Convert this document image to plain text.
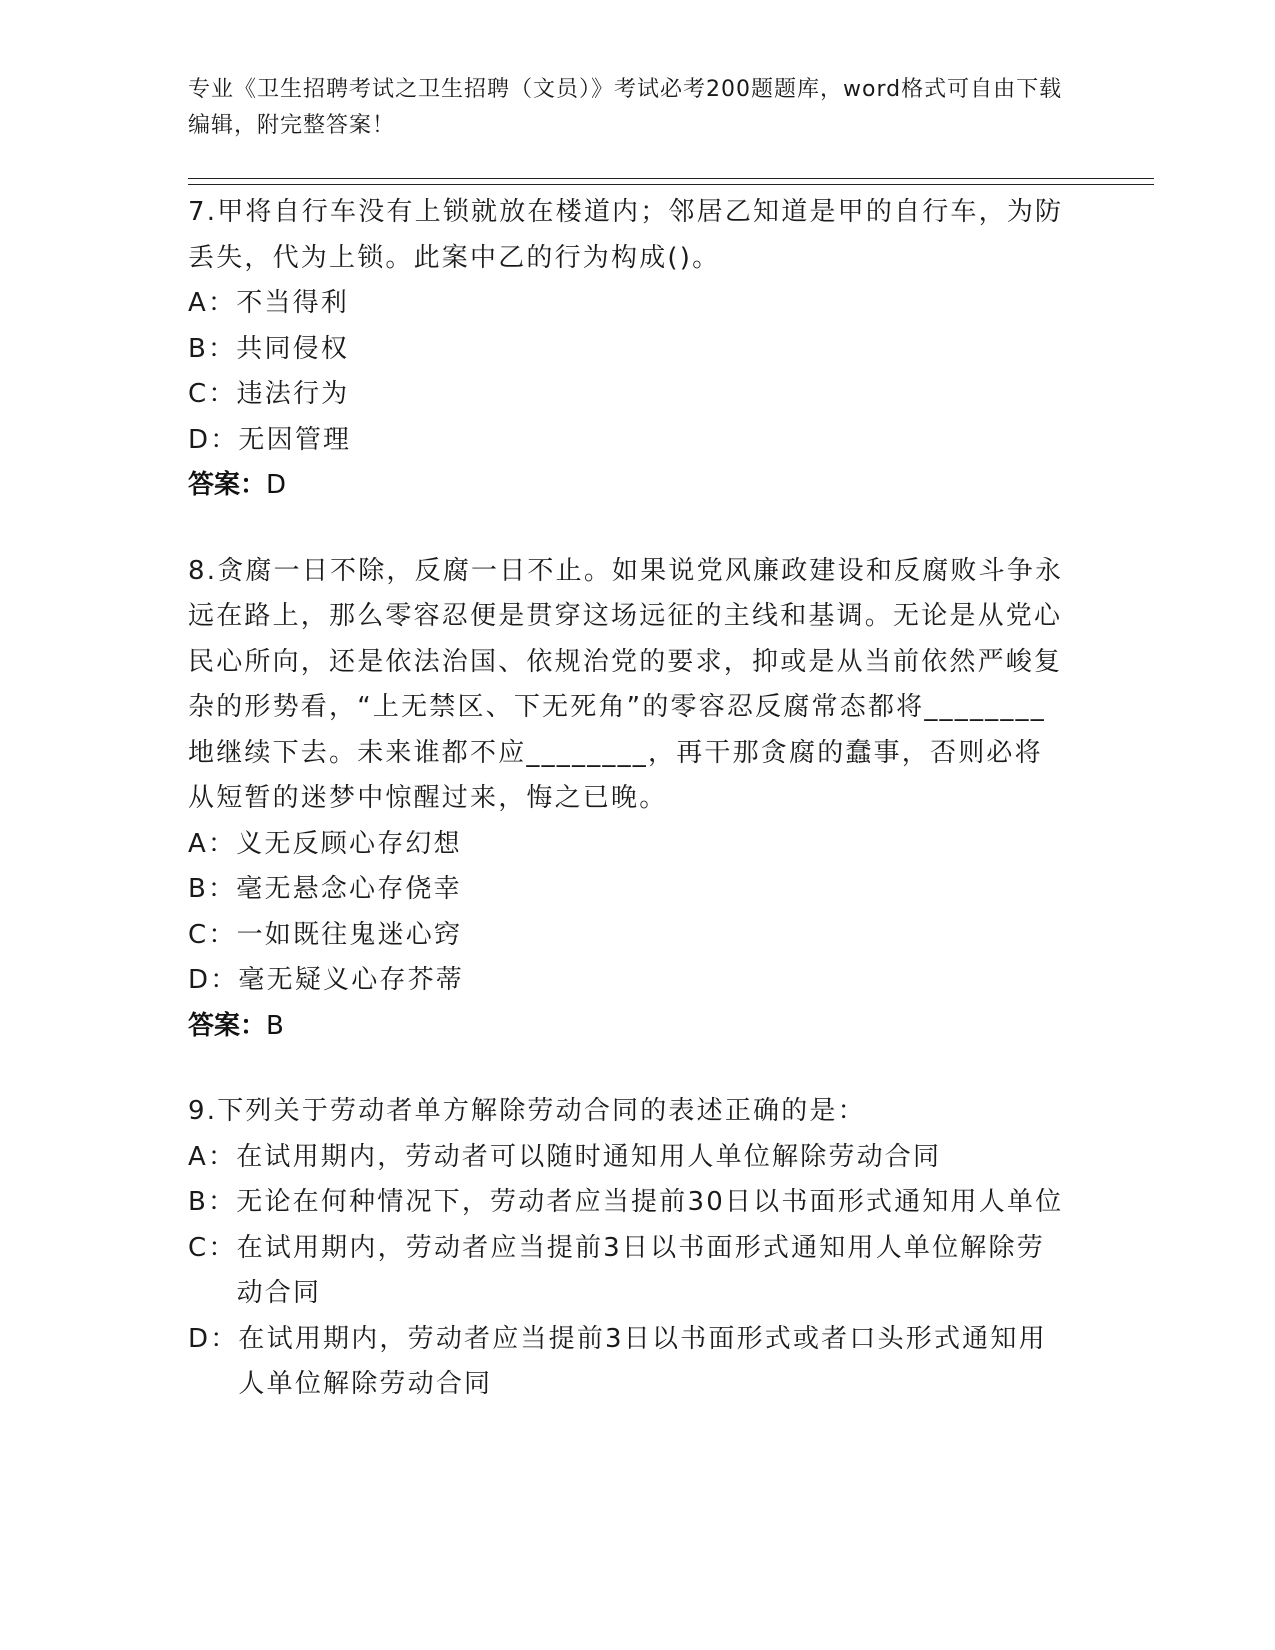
专业《卫生招聘考试之卫生招聘（文员）》考试必考200题题库，word格式可自由下载编辑，附完整答案！

7.甲将自行车没有上锁就放在楼道内；邻居乙知道是甲的自行车，为防丢失，代为上锁。此案中乙的行为构成()。

A： 不当得利

B： 共同侵权

C： 违法行为

D： 无因管理

答案：D

8.贪腐一日不除，反腐一日不止。如果说党风廉政建设和反腐败斗争永远在路上，那么零容忍便是贯穿这场远征的主线和基调。无论是从党心民心所向，还是依法治国、依规治党的要求，抑或是从当前依然严峻复杂的形势看，“上无禁区、下无死角”的零容忍反腐常态都将________地继续下去。未来谁都不应________，再干那贪腐的蠢事，否则必将从短暂的迷梦中惊醒过来，悔之已晚。

A： 义无反顾心存幻想

B： 毫无悬念心存侥幸

C： 一如既往鬼迷心窍

D： 毫无疑义心存芥蒂

答案：B

9.下列关于劳动者单方解除劳动合同的表述正确的是：

A： 在试用期内，劳动者可以随时通知用人单位解除劳动合同

B： 无论在何种情况下，劳动者应当提前30日以书面形式通知用人单位

C： 在试用期内，劳动者应当提前3日以书面形式通知用人单位解除劳动合同

D： 在试用期内，劳动者应当提前3日以书面形式或者口头形式通知用人单位解除劳动合同
